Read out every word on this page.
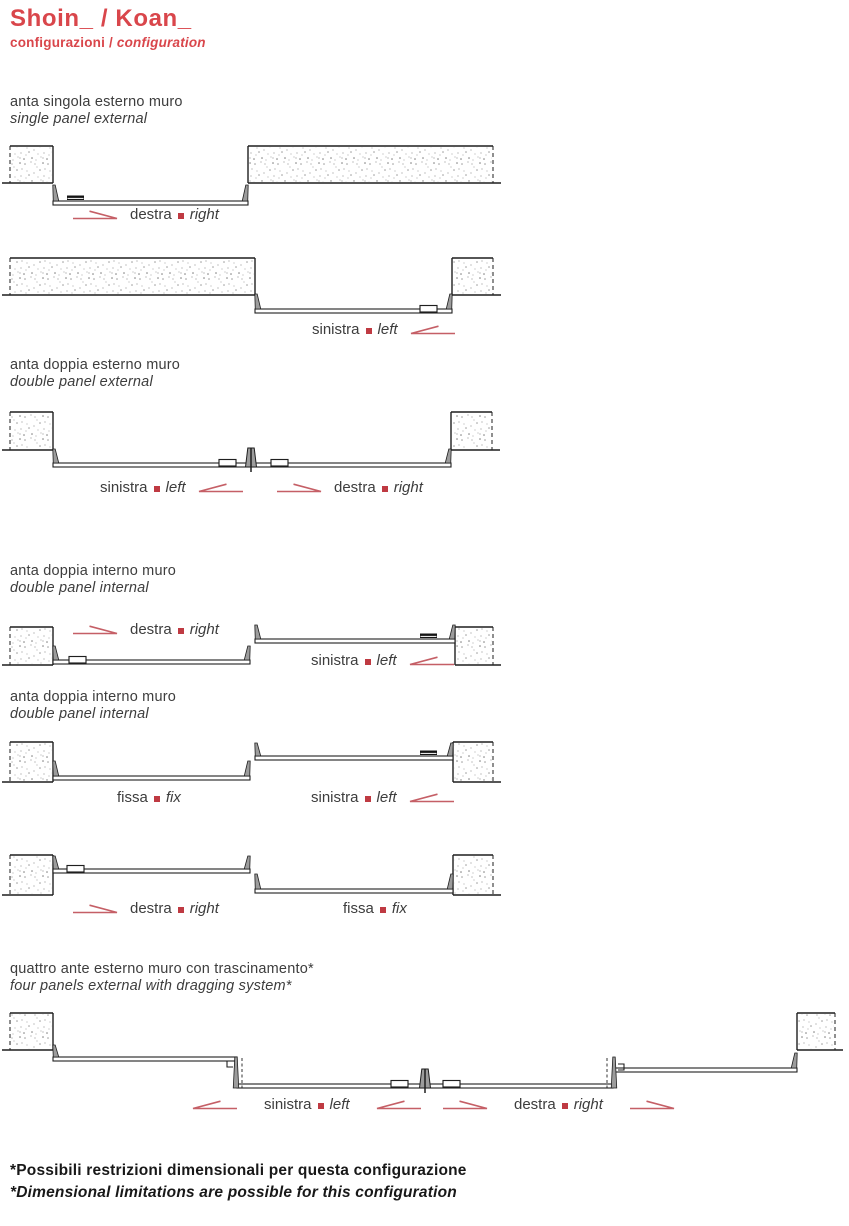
Shoin_ / Koan_
configurazioni / configuration
anta singola esterno muro
single panel external
anta doppia esterno muro
double panel external
anta doppia interno muro
double panel internal
anta doppia interno muro
double panel internal
quattro ante esterno muro con trascinamento*
four panels external with dragging system*
destra right
sinistra left
sinistra left	destra right
destra right
sinistra left
fissa fix	sinistra left
destra right	fissa fix
sinistra left	destra right
*Possibili restrizioni dimensionali per questa configurazione
*Dimensional limitations are possible for this configuration
